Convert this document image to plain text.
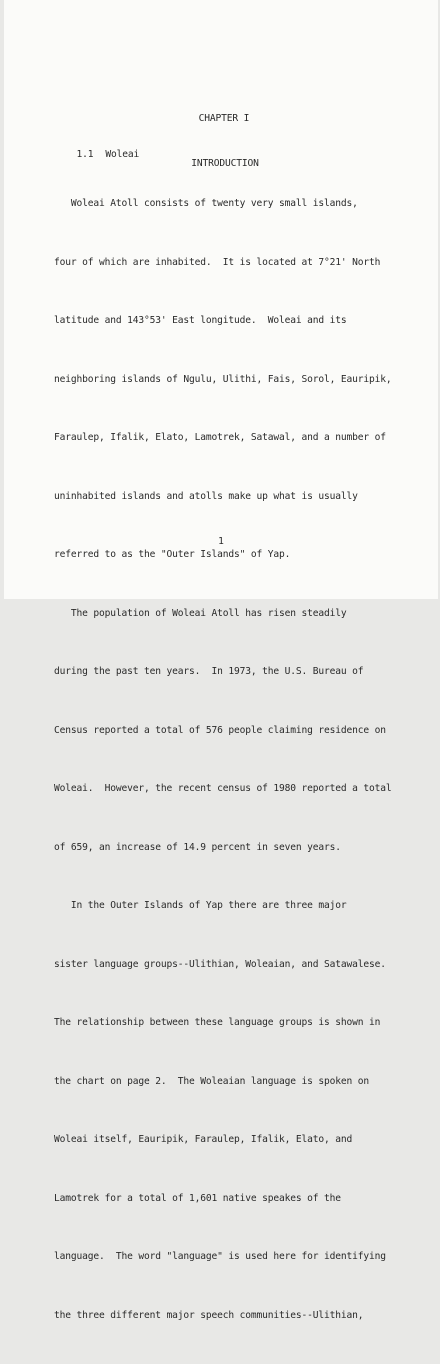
CHAPTER I

INTRODUCTION

1.1 Woleai

Woleai Atoll consists of twenty very small islands,

four of which are inhabited.  It is located at 7°21' North

latitude and 143°53' East longitude.  Woleai and its

neighboring islands of Ngulu, Ulithi, Fais, Sorol, Eauripik,

Faraulep, Ifalik, Elato, Lamotrek, Satawal, and a number of

uninhabited islands and atolls make up what is usually

referred to as the "Outer Islands" of Yap.

The population of Woleai Atoll has risen steadily

during the past ten years.  In 1973, the U.S. Bureau of

Census reported a total of 576 people claiming residence on

Woleai.  However, the recent census of 1980 reported a total

of 659, an increase of 14.9 percent in seven years.

In the Outer Islands of Yap there are three major

sister language groups--Ulithian, Woleaian, and Satawalese.

The relationship between these language groups is shown in

the chart on page 2.  The Woleaian language is spoken on

Woleai itself, Eauripik, Faraulep, Ifalik, Elato, and

Lamotrek for a total of 1,601 native speakes of the

language.  The word "language" is used here for identifying

the three different major speech communities--Ulithian,

1
